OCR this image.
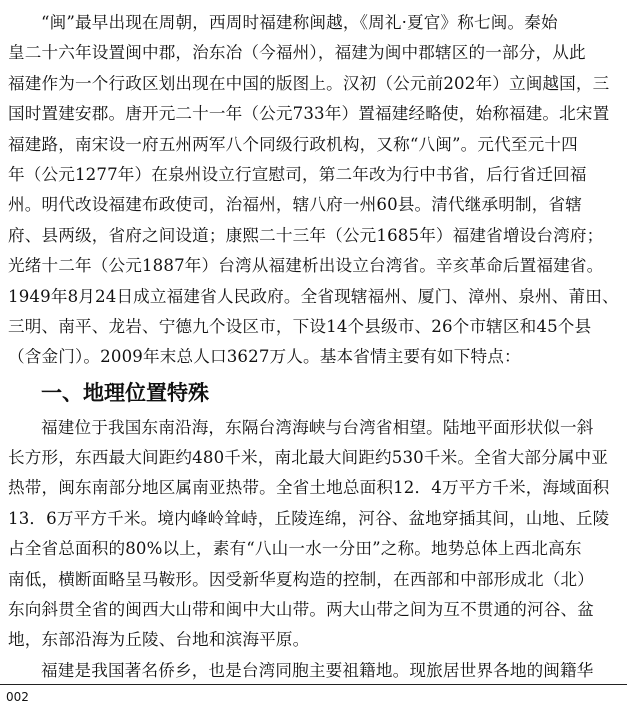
“闽”最早出现在周朝，西周时福建称闽越，《周礼·夏官》称七闽。秦始
皇二十六年设置闽中郡，治东冶（今福州），福建为闽中郡辖区的一部分，从此
福建作为一个行政区划出现在中国的版图上。汉初（公元前202年）立闽越国，三
国时置建安郡。唐开元二十一年（公元733年）置福建经略使，始称福建。北宋置
福建路，南宋设一府五州两军八个同级行政机构，又称“八闽”。元代至元十四
年（公元1277年）在泉州设立行宣慰司，第二年改为行中书省，后行省迁回福
州。明代改设福建布政使司，治福州，辖八府一州60县。清代继承明制，省辖
府、县两级，省府之间设道；康熙二十三年（公元1685年）福建省增设台湾府；
光绪十二年（公元1887年）台湾从福建析出设立台湾省。辛亥革命后置福建省。
1949年8月24日成立福建省人民政府。全省现辖福州、厦门、漳州、泉州、莆田、
三明、南平、龙岩、宁德九个设区市，下设14个县级市、26个市辖区和45个县
（含金门）。2009年末总人口3627万人。基本省情主要有如下特点：
一、地理位置特殊
福建位于我国东南沿海，东隔台湾海峡与台湾省相望。陆地平面形状似一斜
长方形，东西最大间距约480千米，南北最大间距约530千米。全省大部分属中亚
热带，闽东南部分地区属南亚热带。全省土地总面积12．4万平方千米，海域面积
13．6万平方千米。境内峰岭耸峙，丘陵连绵，河谷、盆地穿插其间，山地、丘陵
占全省总面积的80%以上，素有“八山一水一分田”之称。地势总体上西北高东
南低，横断面略呈马鞍形。因受新华夏构造的控制，在西部和中部形成北（北）
东向斜贯全省的闽西大山带和闽中大山带。两大山带之间为互不贯通的河谷、盆
地，东部沿海为丘陵、台地和滨海平原。
福建是我国著名侨乡，也是台湾同胞主要祖籍地。现旅居世界各地的闽籍华
002
